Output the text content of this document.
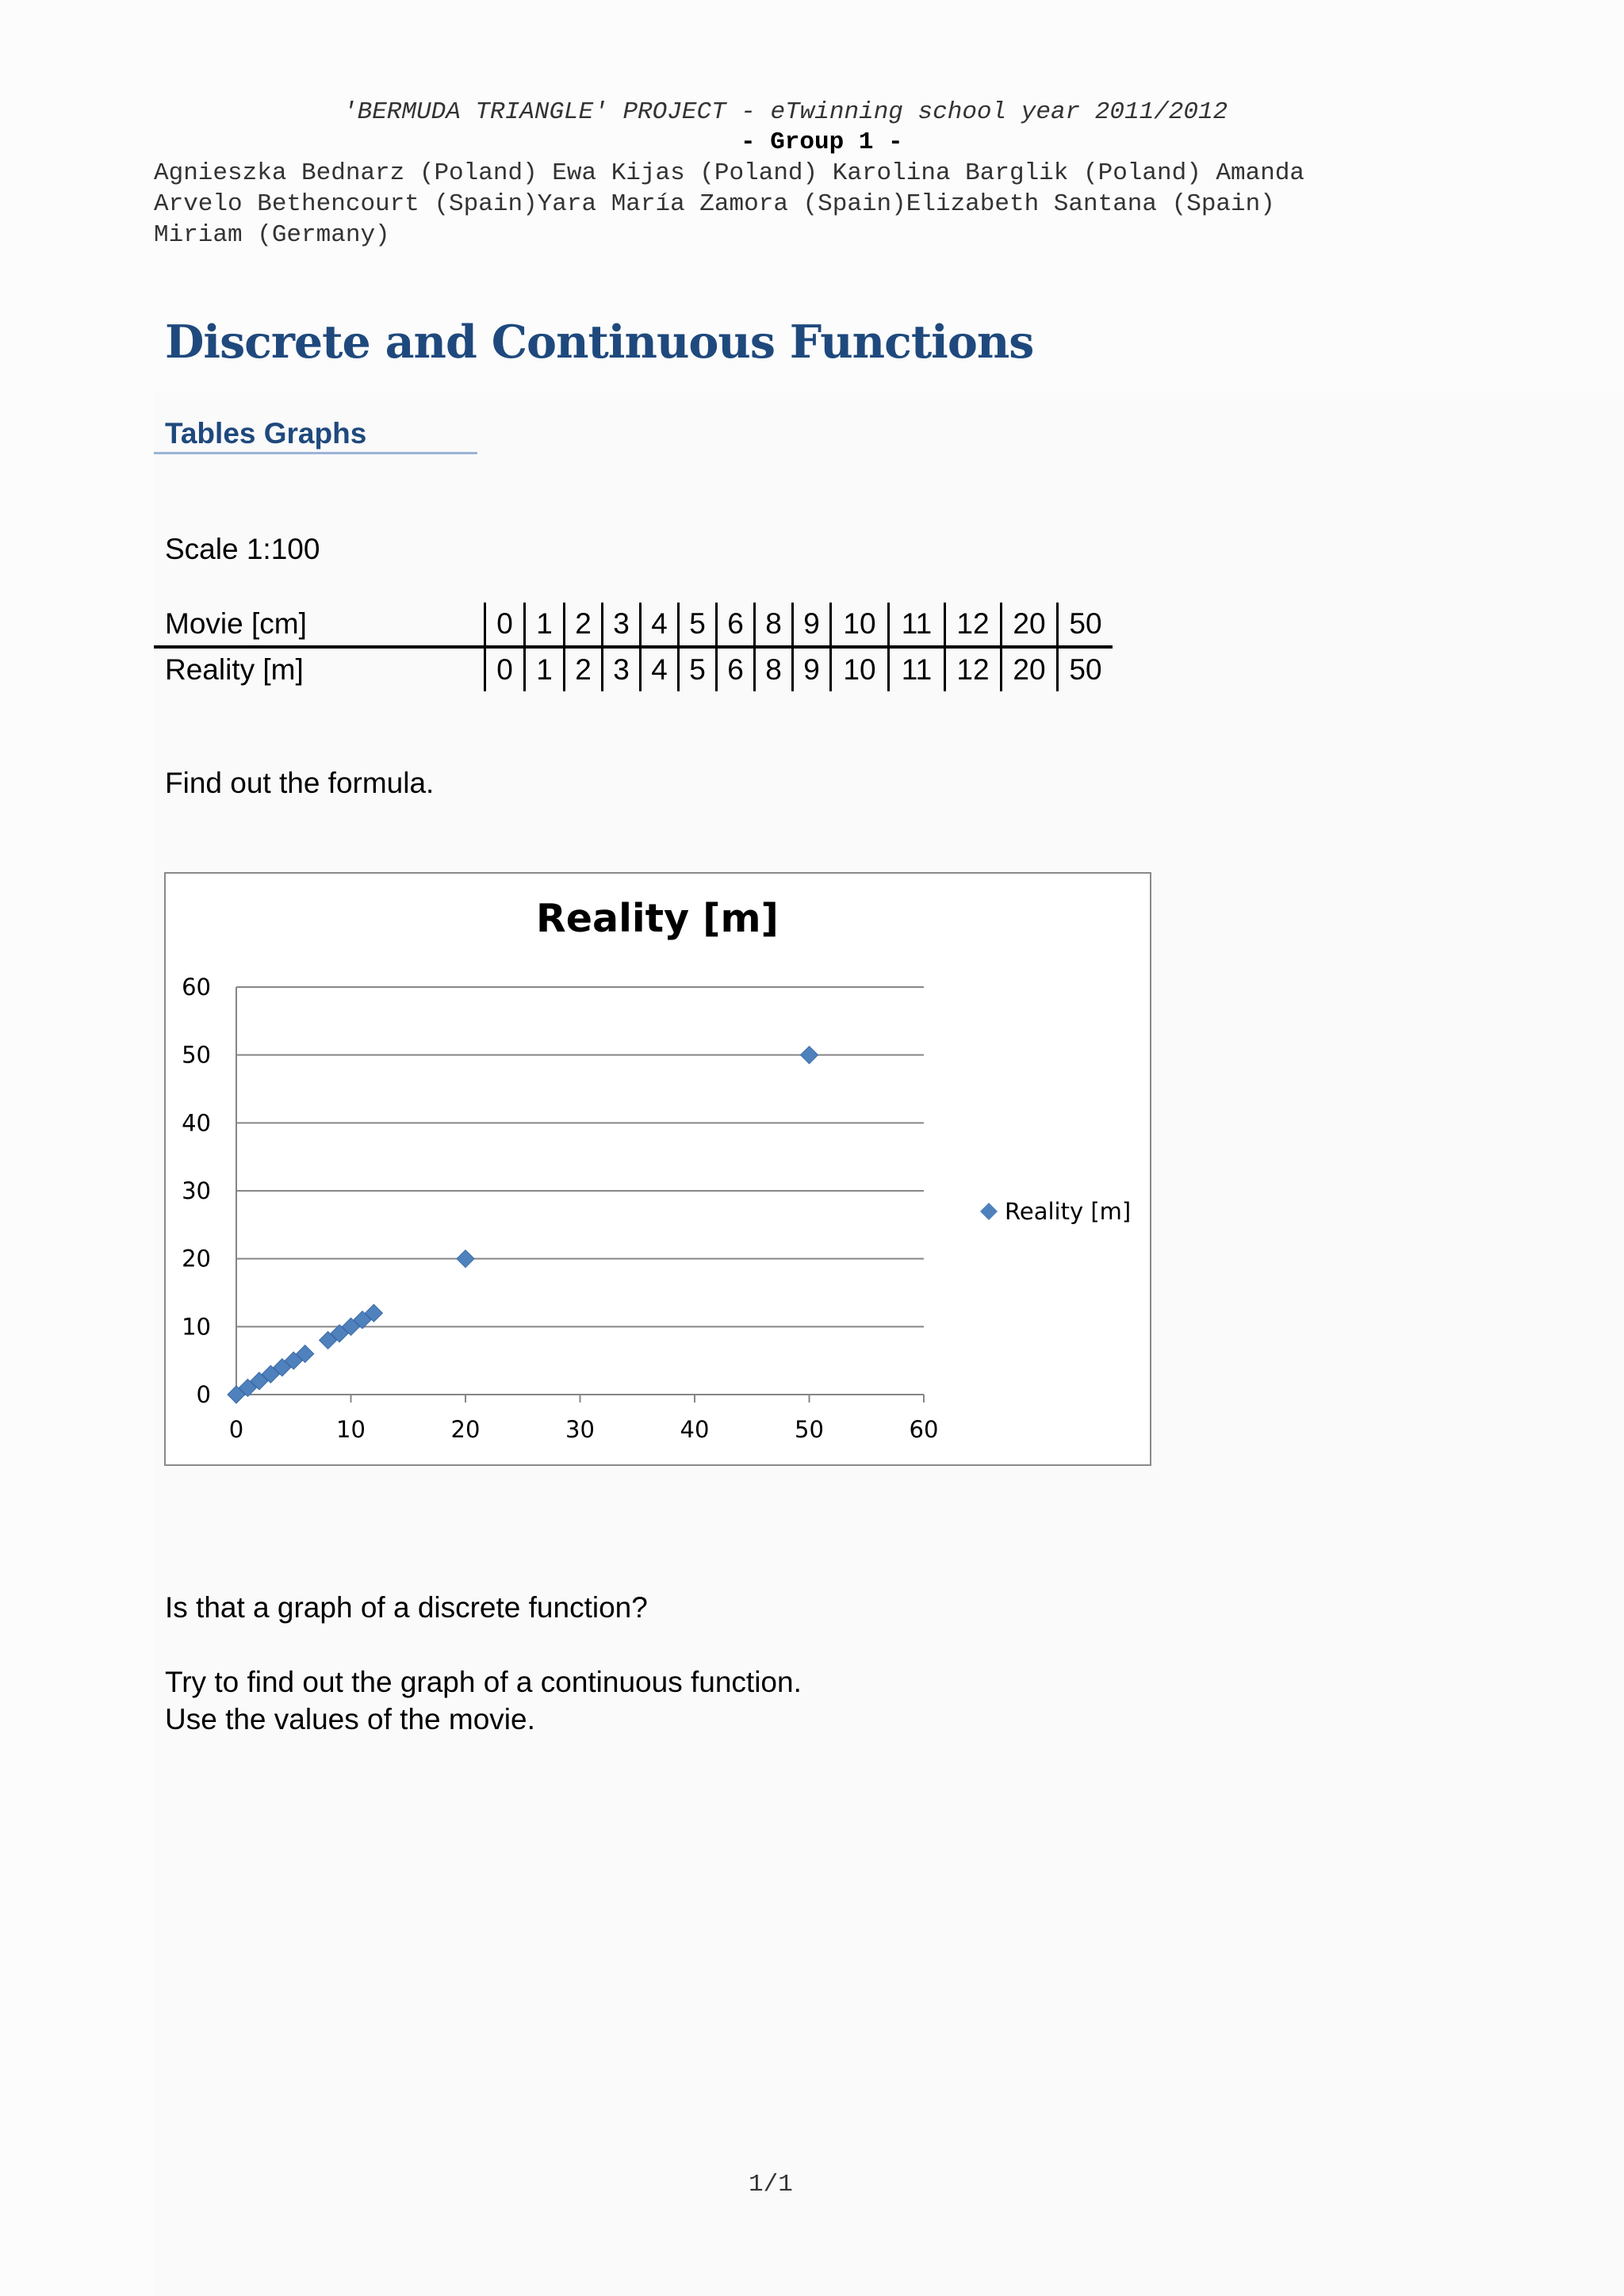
'BERMUDA TRIANGLE' PROJECT - eTwinning school year 2011/2012
- Group 1 -
Agnieszka Bednarz (Poland) Ewa Kijas (Poland) Karolina Barglik (Poland) Amanda
Arvelo Bethencourt (Spain)Yara María Zamora (Spain)Elizabeth Santana (Spain)
Miriam (Germany)
Discrete and Continuous Functions
Tables Graphs
Scale 1:100
Movie [cm]	0	1	2	3	4	5	6	8	9	10	11	12	20	50
Reality [m]	0	1	2	3	4	5	6	8	9	10	11	12	20	50
Find out the formula.
Reality [m]
0
10
20
30
40
50
60
0	10	20	30	40	50	60
Reality [m]
Is that a graph of a discrete function?
Try to find out the graph of a continuous function.
Use the values of the movie.
1/1
